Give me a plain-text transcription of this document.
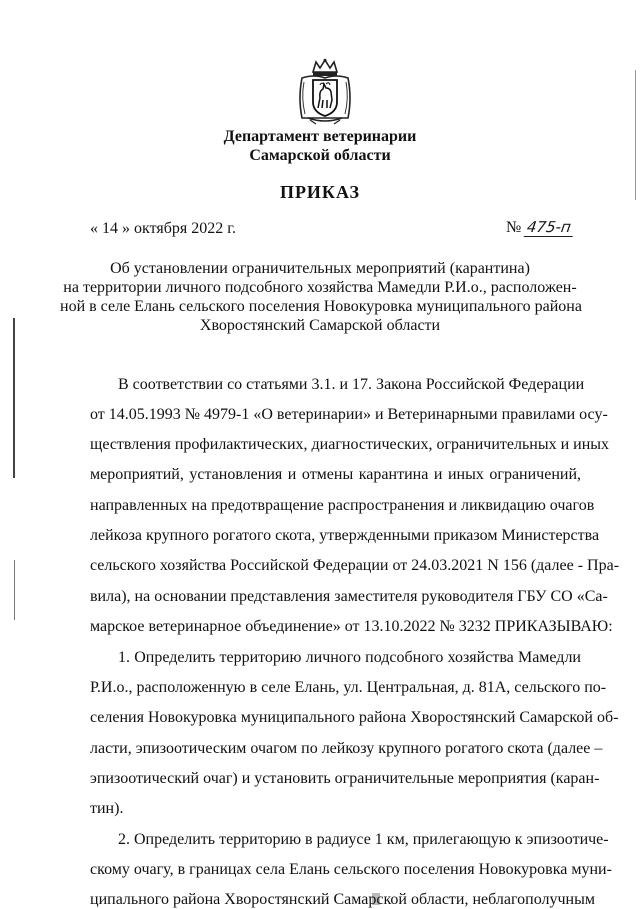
Департамент ветеринарии
Самарской области
ПРИКАЗ
« 14 » октября 2022 г.	№ 475-п
Об установлении ограничительных мероприятий (карантина)
на территории личного подсобного хозяйства Мамедли Р.И.о., расположен-
ной в селе Елань сельского поселения Новокуровка муниципального района
Хворостянский Самарской области
В соответствии со статьями 3.1. и 17. Закона Российской Федерации
от 14.05.1993 № 4979-1 «О ветеринарии» и Ветеринарными правилами осу-
ществления профилактических, диагностических, ограничительных и иных
мероприятий, установления и отмены карантина и иных ограничений,
направленных на предотвращение распространения и ликвидацию очагов
лейкоза крупного рогатого скота, утвержденными приказом Министерства
сельского хозяйства Российской Федерации от 24.03.2021 N 156 (далее - Пра-
вила), на основании представления заместителя руководителя ГБУ СО «Са-
марское ветеринарное объединение» от 13.10.2022 № 3232 ПРИКАЗЫВАЮ:
1. Определить территорию личного подсобного хозяйства Мамедли
Р.И.о., расположенную в селе Елань, ул. Центральная, д. 81А, сельского по-
селения Новокуровка муниципального района Хворостянский Самарской об-
ласти, эпизоотическим очагом по лейкозу крупного рогатого скота (далее –
эпизоотический очаг) и установить ограничительные мероприятия (каран-
тин).
2. Определить территорию в радиусе 1 км, прилегающую к эпизоотиче-
скому очагу, в границах села Елань сельского поселения Новокуровка муни-
ципального района Хворостянский Самарской области, неблагополучным
